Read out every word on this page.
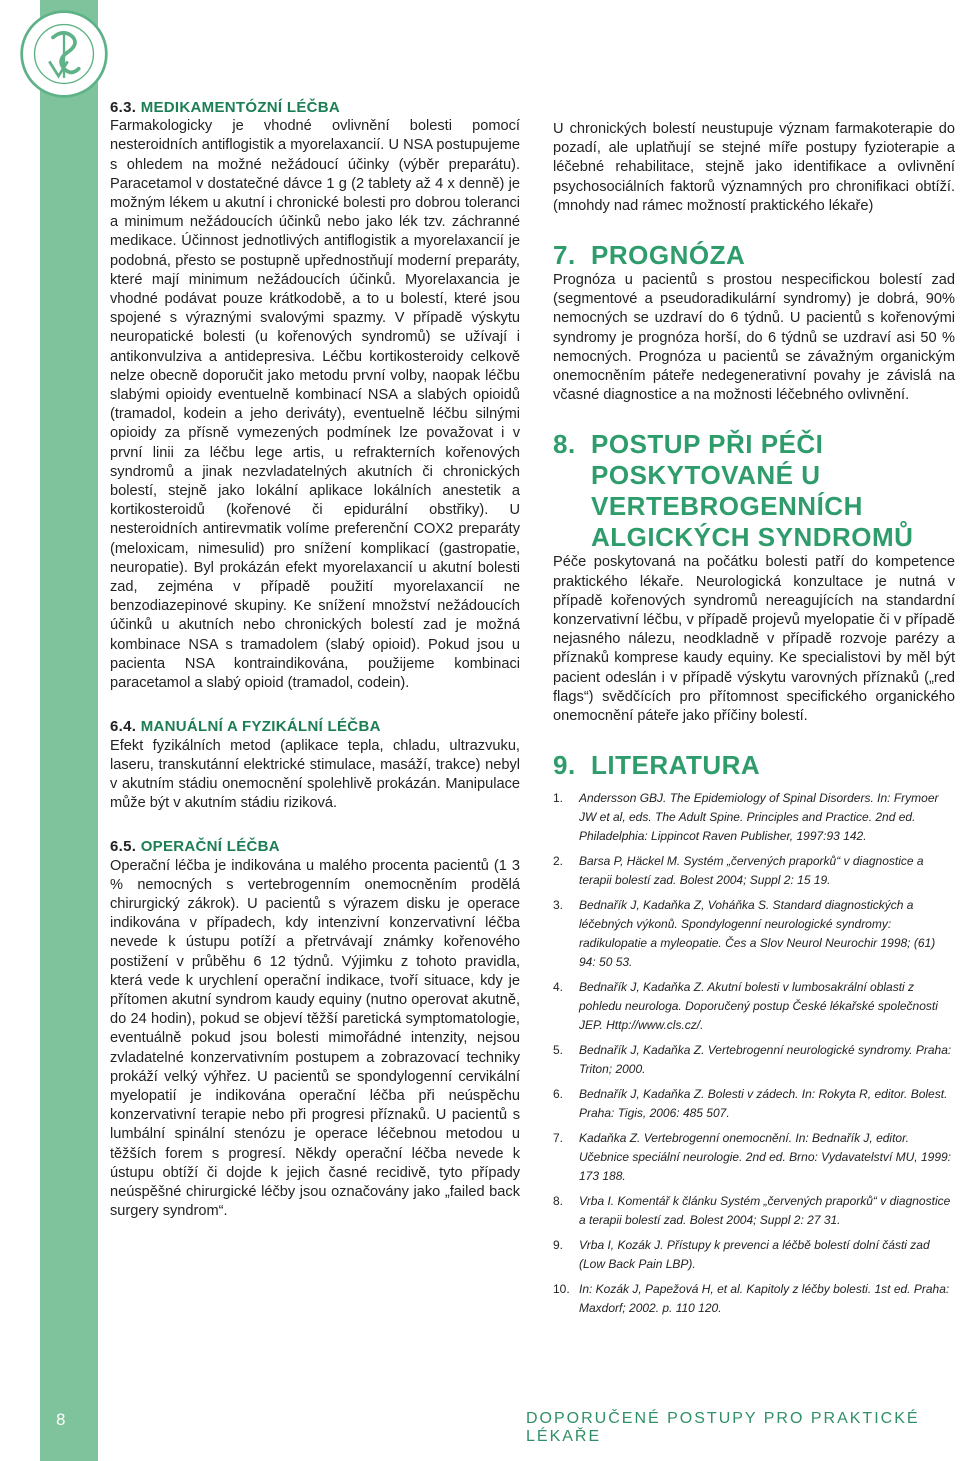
8	DOPORUČENÉ POSTUPY PRO PRAKTICKÉ LÉKAŘE
6.3. MEDIKAMENTÓZNÍ LÉČBA

Farmakologicky je vhodné ovlivnění bolesti pomocí nesteroidních antiflogistik a myorelaxancií. U NSA postupujeme s ohledem na možné nežádoucí účinky (výběr preparátu). Paracetamol v dostatečné dávce 1 g (2 tablety až 4 x denně) je možným lékem u akutní i chronické bolesti pro dobrou toleranci a minimum nežádoucích účinků nebo jako lék tzv. záchranné medikace. Účinnost jednotlivých antiflogistik a myorelaxancií je podobná, přesto se postupně upřednostňují moderní preparáty, které mají minimum nežádoucích účinků. Myorelaxancia je vhodné podávat pouze krátkodobě, a to u bolestí, které jsou spojené s výraznými svalovými spazmy. V případě výskytu neuropatické bolesti (u kořenových syndromů) se užívají i antikonvulziva a antidepresiva. Léčbu kortikosteroidy celkově nelze obecně doporučit jako metodu první volby, naopak léčbu slabými opioidy eventuelně kombinací NSA a slabých opioidů (tramadol, kodein a jeho deriváty), eventuelně léčbu silnými opioidy za přísně vymezených podmínek lze považovat i v první linii za léčbu lege artis, u refrakterních kořenových syndromů a jinak nezvladatelných akutních či chronických bolestí, stejně jako lokální aplikace lokálních anestetik a kortikosteroidů (kořenové či epidurální obstřiky). U nesteroidních antirevmatik volíme preferenční COX2 preparáty (meloxicam, nimesulid) pro snížení komplikací (gastropatie, neuropatie). Byl prokázán efekt myorelaxancií u akutní bolesti zad, zejména v případě použití myorelaxancií ne benzodiazepinové skupiny. Ke snížení množství nežádoucích účinků u akutních nebo chronických bolestí zad je možná kombinace NSA s tramadolem (slabý opioid). Pokud jsou u pacienta NSA kontraindikována, použijeme kombinaci paracetamol a slabý opioid (tramadol, codein).

6.4. MANUÁLNÍ A FYZIKÁLNÍ LÉČBA

Efekt fyzikálních metod (aplikace tepla, chladu, ultrazvuku, laseru, transkutánní elektrické stimulace, masáží, trakce) nebyl v akutním stádiu onemocnění spolehlivě prokázán. Manipulace může být v akutním stádiu riziková.

6.5. OPERAČNÍ LÉČBA

Operační léčba je indikována u malého procenta pacientů (1 3 % nemocných s vertebrogenním onemocněním prodělá chirurgický zákrok). U pacientů s výrazem disku je operace indikována v případech, kdy intenzivní konzervativní léčba nevede k ústupu potíží a přetrvávají známky kořenového postižení v průběhu 6 12 týdnů. Výjimku z tohoto pravidla, která vede k urychlení operační indikace, tvoří situace, kdy je přítomen akutní syndrom kaudy equiny (nutno operovat akutně, do 24 hodin), pokud se objeví těžší paretická symptomatologie, eventuálně pokud jsou bolesti mimořádné intenzity, nejsou zvladatelné konzervativním postupem a zobrazovací techniky prokáží velký výhřez. U pacientů se spondylogenní cervikální myelopatií je indikována operační léčba při neúspěchu konzervativní terapie nebo při progresi příznaků. U pacientů s lumbální spinální stenózu je operace léčebnou metodou u těžších forem s progresí. Někdy operační léčba nevede k ústupu obtíží či dojde k jejich časné recidivě, tyto případy neúspěšné chirurgické léčby jsou označovány jako „failed back surgery syndrom“.

U chronických bolestí neustupuje význam farmakoterapie do pozadí, ale uplatňují se stejné míře postupy fyzioterapie a léčebné rehabilitace, stejně jako identifikace a ovlivnění psychosociálních faktorů významných pro chronifikaci obtíží. (mnohdy nad rámec možností praktického lékaře)

7. PROGNÓZA

Prognóza u pacientů s prostou nespecifickou bolestí zad (segmentové a pseudoradikulární syndromy) je dobrá, 90% nemocných se uzdraví do 6 týdnů. U pacientů s kořenovými syndromy je prognóza horší, do 6 týdnů se uzdraví asi 50 % nemocných. Prognóza u pacientů se závažným organickým onemocněním páteře nedegenerativní povahy je závislá na včasné diagnostice a na možnosti léčebného ovlivnění.

8. POSTUP PŘI PÉČI POSKYTOVANÉ U VERTEBROGENNÍCH ALGICKÝCH SYNDROMŮ

Péče poskytovaná na počátku bolesti patří do kompetence praktického lékaře. Neurologická konzultace je nutná v případě kořenových syndromů nereagujících na standardní konzervativní léčbu, v případě projevů myelopatie či v případě nejasného nálezu, neodkladně v případě rozvoje parézy a příznaků komprese kaudy equiny. Ke specialistovi by měl být pacient odeslán i v případě výskytu varovných příznaků („red flags“) svědčících pro přítomnost specifického organického onemocnění páteře jako příčiny bolestí.

9. LITERATURA
1.	Andersson GBJ. The Epidemiology of Spinal Disorders. In: Frymoer JW et al, eds. The Adult Spine. Principles and Practice. 2nd ed. Philadelphia: Lippincot Raven Publisher, 1997:93 142.
2.	Barsa P, Häckel M. Systém „červených praporků“ v diagnostice a terapii bolestí zad. Bolest 2004; Suppl 2: 15 19.
3.	Bednařík J, Kadaňka Z, Voháňka S. Standard diagnostických a léčebných výkonů. Spondylogenní neurologické syndromy: radikulopatie a myleopatie. Čes a Slov Neurol Neurochir 1998; (61) 94: 50 53.
4.	Bednařík J, Kadaňka Z. Akutní bolesti v lumbosakrální oblasti z pohledu neurologa. Doporučený postup České lékařské společnosti JEP. Http://www.cls.cz/.
5.	Bednařík J, Kadaňka Z. Vertebrogenní neurologické syndromy. Praha: Triton; 2000.
6.	Bednařík J, Kadaňka Z. Bolesti v zádech. In: Rokyta R, editor. Bolest. Praha: Tigis, 2006: 485 507.
7.	Kadaňka Z. Vertebrogenní onemocnění. In: Bednařík J, editor. Učebnice speciální neurologie. 2nd ed. Brno: Vydavatelství MU, 1999: 173 188.
8.	Vrba I. Komentář k článku Systém „červených praporků“ v diagnostice a terapii bolestí zad. Bolest 2004; Suppl 2: 27 31.
9.	Vrba I, Kozák J. Přístupy k prevenci a léčbě bolestí dolní části zad (Low Back Pain LBP).
10. In: Kozák J, Papežová H, et al. Kapitoly z léčby bolesti. 1st ed. Praha: Maxdorf; 2002. p. 110 120.
